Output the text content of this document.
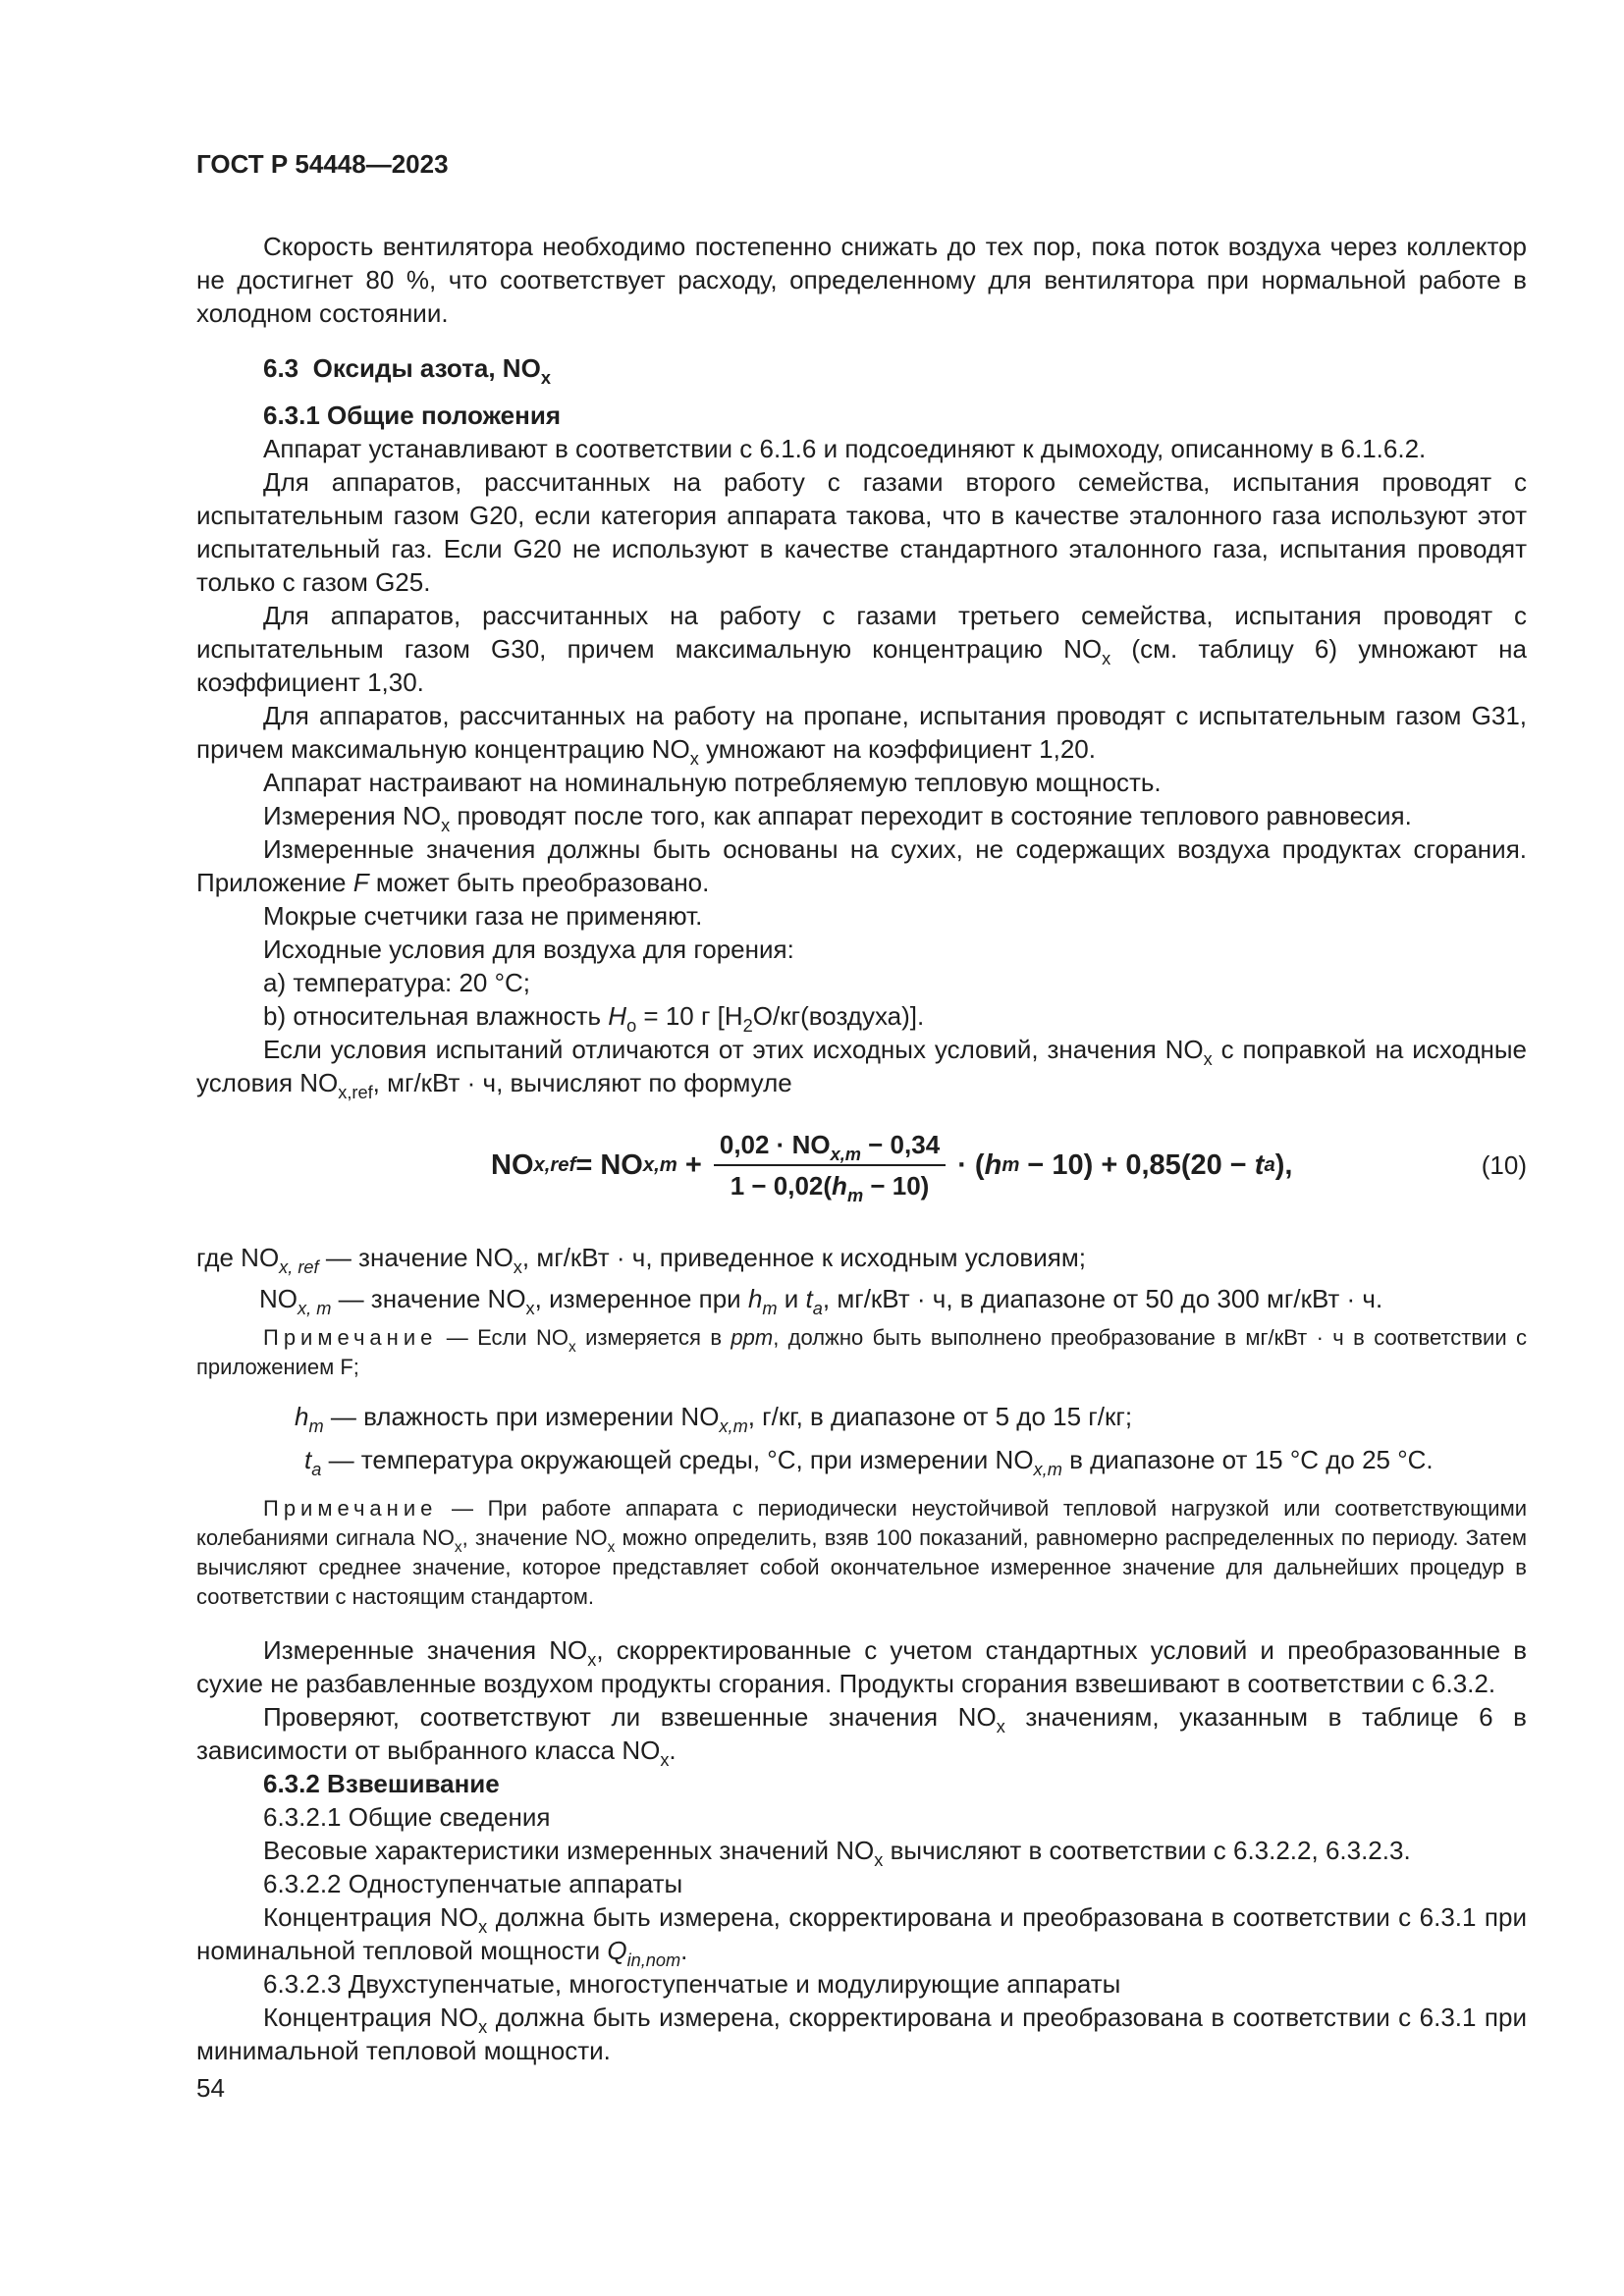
ГОСТ Р 54448—2023

Скорость вентилятора необходимо постепенно снижать до тех пор, пока поток воздуха через коллектор не достигнет 80 %, что соответствует расходу, определенному для вентилятора при нормальной работе в холодном состоянии.

6.3 Оксиды азота, $NO_x$

6.3.1 Общие положения

Аппарат устанавливают в соответствии с 6.1.6 и подсоединяют к дымоходу, описанному в 6.1.6.2.

Для аппаратов, рассчитанных на работу с газами второго семейства, испытания проводят с испытательным газом G20, если категория аппарата такова, что в качестве эталонного газа используют этот испытательный газ. Если G20 не используют в качестве стандартного эталонного газа, испытания проводят только с газом G25.

Для аппаратов, рассчитанных на работу с газами третьего семейства, испытания проводят с испытательным газом G30, причем максимальную концентрацию $NO_x$ (см. таблицу 6) умножают на коэффициент 1,30.

Для аппаратов, рассчитанных на работу на пропане, испытания проводят с испытательным газом G31, причем максимальную концентрацию $NO_x$ умножают на коэффициент 1,20.

Аппарат настраивают на номинальную потребляемую тепловую мощность.

Измерения $NO_x$ проводят после того, как аппарат переходит в состояние теплового равновесия.

Измеренные значения должны быть основаны на сухих, не содержащих воздуха продуктах сгорания. Приложение F может быть преобразовано.

Мокрые счетчики газа не применяют.

Исходные условия для воздуха для горения:

a) температура: 20 °С;

b) относительная влажность $H_o = 10$ г $[H_2O/кг(воздуха)]$.

Если условия испытаний отличаются от этих исходных условий, значения $NO_x$ с поправкой на исходные условия $NO_{x,ref}$, мг/кВт · ч, вычисляют по формуле

NO x,ref = NO $x,m + \frac{0,02 \cdot NO_{x,m} - 0,34}{1 - 0,02(h_m - 10)}$ · ( h m − 10) + 0,85(20 − t a ),	(10)

где $NO_{x, ref}$ — значение $NO_x$, мг/кВт · ч, приведенное к исходным условиям;

$NO_{x, m}$ — значение $NO_x$, измеренное при $h_m$ и $t_a$, мг/кВт · ч, в диапазоне от 50 до 300 мг/кВт · ч.

Примечание — Если $NO_x$ измеряется в ppm, должно быть выполнено преобразование в мг/кВт · ч в соответствии с приложением F;

$h_m$ — влажность при измерении $NO_{x,m}$, г/кг, в диапазоне от 5 до 15 г/кг;

$t_a$ — температура окружающей среды, °С, при измерении $NO_{x,m}$ в диапазоне от 15 °С до 25 °С.

Примечание — При работе аппарата с периодически неустойчивой тепловой нагрузкой или соответствующими колебаниями сигнала $NO_x$, значение $NO_x$ можно определить, взяв 100 показаний, равномерно распределенных по периоду. Затем вычисляют среднее значение, которое представляет собой окончательное измеренное значение для дальнейших процедур в соответствии с настоящим стандартом.

Измеренные значения $NO_x$, скорректированные с учетом стандартных условий и преобразованные в сухие не разбавленные воздухом продукты сгорания. Продукты сгорания взвешивают в соответствии с 6.3.2.

Проверяют, соответствуют ли взвешенные значения $NO_x$ значениям, указанным в таблице 6 в зависимости от выбранного класса $NO_x$.

6.3.2 Взвешивание

6.3.2.1 Общие сведения

Весовые характеристики измеренных значений $NO_x$ вычисляют в соответствии с 6.3.2.2, 6.3.2.3.

6.3.2.2 Одноступенчатые аппараты

Концентрация $NO_x$ должна быть измерена, скорректирована и преобразована в соответствии с 6.3.1 при номинальной тепловой мощности $Q_{in,nom}$.

6.3.2.3 Двухступенчатые, многоступенчатые и модулирующие аппараты

Концентрация $NO_x$ должна быть измерена, скорректирована и преобразована в соответствии с 6.3.1 при минимальной тепловой мощности.

54
